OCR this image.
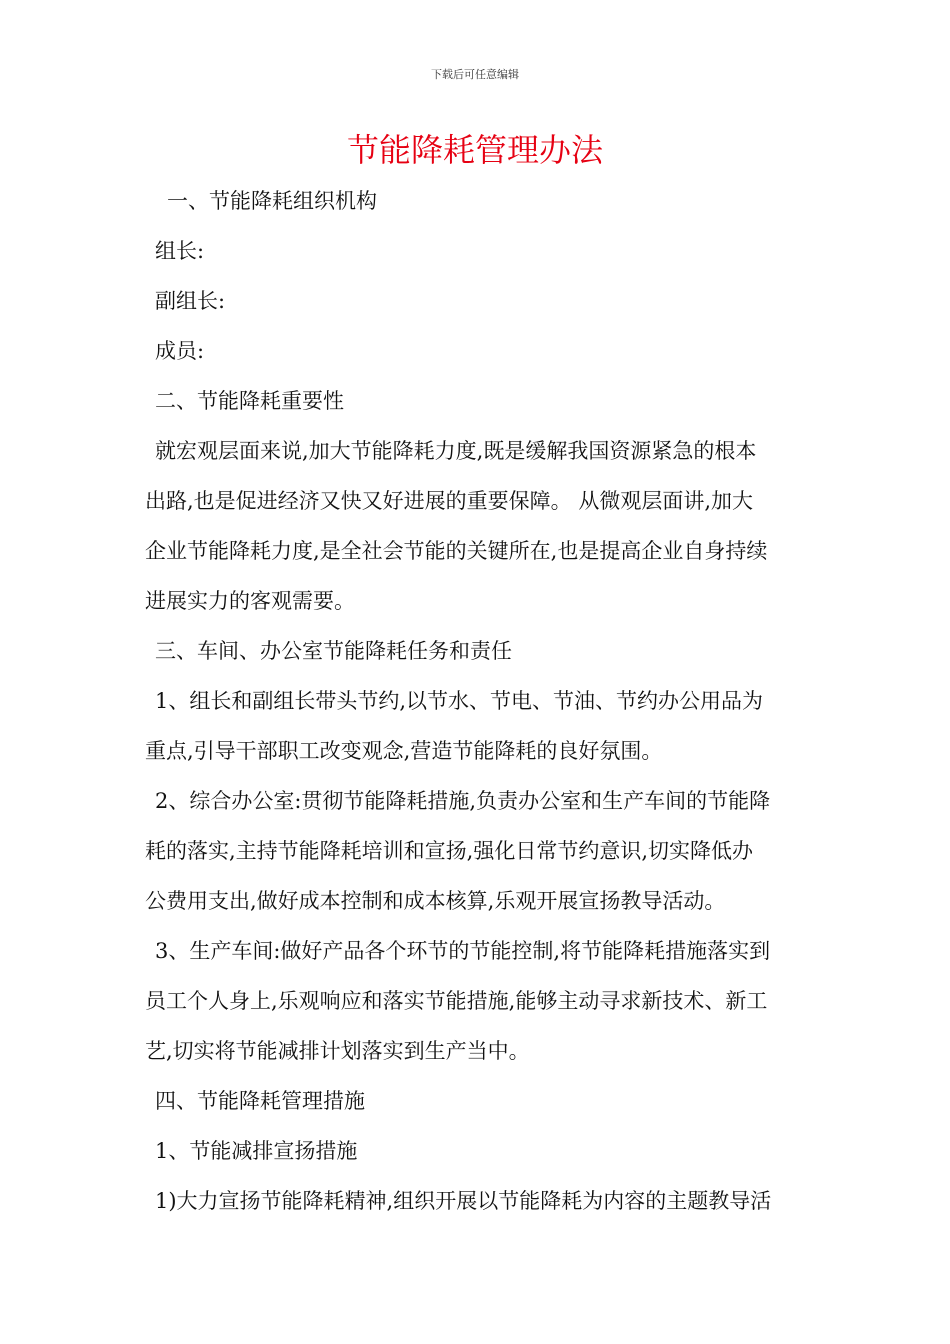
下载后可任意编辑
节能降耗管理办法
一、节能降耗组织机构
组长:
副组长:
成员:
二、节能降耗重要性
就宏观层面来说,加大节能降耗力度,既是缓解我国资源紧急的根本
出路,也是促进经济又快又好进展的重要保障。 从微观层面讲,加大
企业节能降耗力度,是全社会节能的关键所在,也是提高企业自身持续
进展实力的客观需要。
三、车间、办公室节能降耗任务和责任
1、组长和副组长带头节约,以节水、节电、节油、节约办公用品为
重点,引导干部职工改变观念,营造节能降耗的良好氛围。
2、综合办公室:贯彻节能降耗措施,负责办公室和生产车间的节能降
耗的落实,主持节能降耗培训和宣扬,强化日常节约意识,切实降低办
公费用支出,做好成本控制和成本核算,乐观开展宣扬教导活动。
3、生产车间:做好产品各个环节的节能控制,将节能降耗措施落实到
员工个人身上,乐观响应和落实节能措施,能够主动寻求新技术、新工
艺,切实将节能减排计划落实到生产当中。
四、节能降耗管理措施
1、节能减排宣扬措施
1)大力宣扬节能降耗精神,组织开展以节能降耗为内容的主题教导活
